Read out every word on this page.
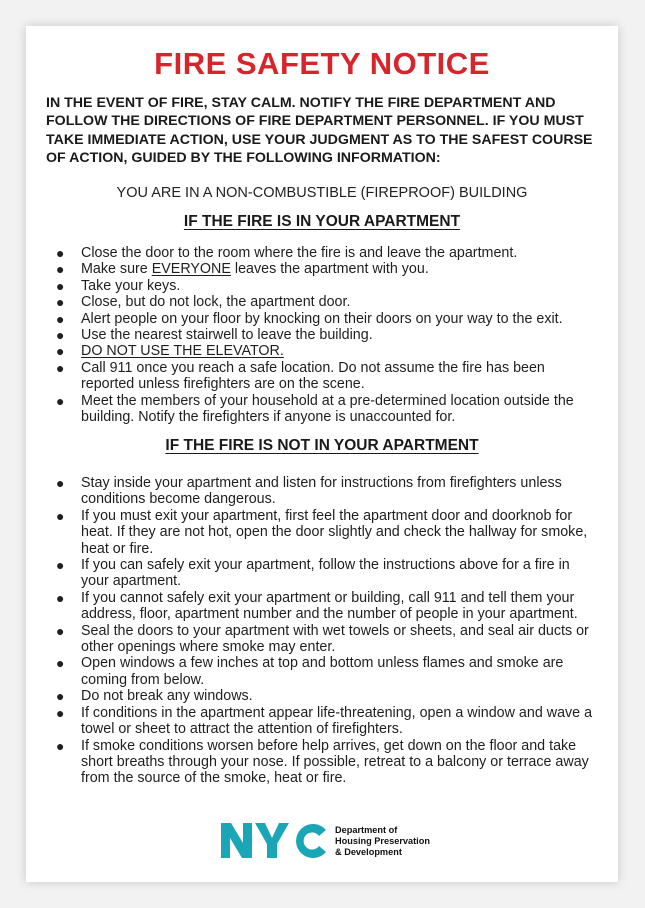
FIRE SAFETY NOTICE

IN THE EVENT OF FIRE, STAY CALM. NOTIFY THE FIRE DEPARTMENT AND FOLLOW THE DIRECTIONS OF FIRE DEPARTMENT PERSONNEL. IF YOU MUST TAKE IMMEDIATE ACTION, USE YOUR JUDGMENT AS TO THE SAFEST COURSE OF ACTION, GUIDED BY THE FOLLOWING INFORMATION:

YOU ARE IN A NON-COMBUSTIBLE (FIREPROOF) BUILDING
IF THE FIRE IS IN YOUR APARTMENT
● Close the door to the room where the fire is and leave the apartment.
● Make sure EVERYONE leaves the apartment with you.
● Take your keys.
● Close, but do not lock, the apartment door.
● Alert people on your floor by knocking on their doors on your way to the exit.
● Use the nearest stairwell to leave the building.
● DO NOT USE THE ELEVATOR.
● Call 911 once you reach a safe location. Do not assume the fire has been reported unless firefighters are on the scene.
● Meet the members of your household at a pre-determined location outside the building. Notify the firefighters if anyone is unaccounted for.
IF THE FIRE IS NOT IN YOUR APARTMENT
● Stay inside your apartment and listen for instructions from firefighters unless conditions become dangerous.
● If you must exit your apartment, first feel the apartment door and doorknob for heat. If they are not hot, open the door slightly and check the hallway for smoke, heat or fire.
● If you can safely exit your apartment, follow the instructions above for a fire in your apartment.
● If you cannot safely exit your apartment or building, call 911 and tell them your address, floor, apartment number and the number of people in your apartment.
● Seal the doors to your apartment with wet towels or sheets, and seal air ducts or other openings where smoke may enter.
● Open windows a few inches at top and bottom unless flames and smoke are coming from below.
● Do not break any windows.
● If conditions in the apartment appear life-threatening, open a window and wave a towel or sheet to attract the attention of firefighters.
● If smoke conditions worsen before help arrives, get down on the floor and take short breaths through your nose. If possible, retreat to a balcony or terrace away from the source of the smoke, heat or fire.
Department of
Housing Preservation
& Development
